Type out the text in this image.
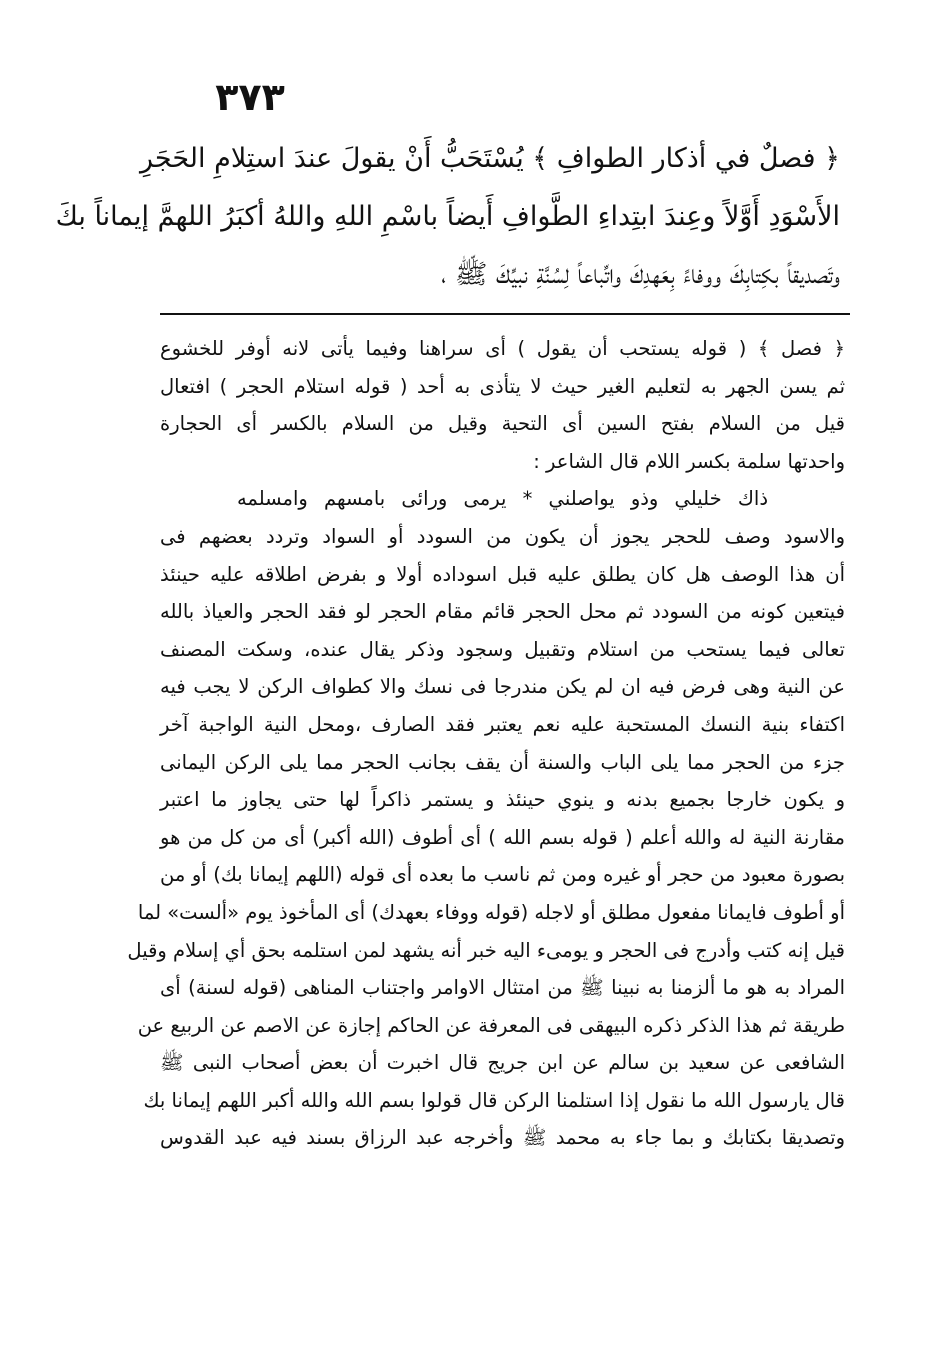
٣٧٣
﴿ فصلٌ في أذكار الطوافِ ﴾ يُسْتَحَبُّ أَنْ يقولَ عندَ استِلامِ الحَجَرِ
الأَسْوَدِ أَوَّلاً وعِندَ ابتِداءِ الطَّوافِ أَيضاً باسْمِ اللهِ واللهُ أكبَرُ اللهمَّ إيماناً بكَ
وتَصديقاً بكِتابِكَ ووفاءً بِعَهدِكَ واتِّباعاً لِسُنَّةِ نبيِّكَ ﷺ ،
﴿ فصل ﴾ ( قوله يستحب أن يقول ) أى سراهنا وفيما يأتى لانه أوفر للخشوع
ثم يسن الجهر به لتعليم الغير حيث لا يتأذى به أحد ( قوله استلام الحجر ) افتعال
قيل من السلام بفتح السين أى التحية وقيل من السلام بالكسر أى الحجارة
واحدتها سلمة بكسر اللام قال الشاعر :
ذاك خليلي وذو يواصلني * يرمى ورائى بامسهم وامسلمه
والاسود وصف للحجر يجوز أن يكون من السودد أو السواد وتردد بعضهم فى
أن هذا الوصف هل كان يطلق عليه قبل اسوداده أولا و بفرض اطلاقه عليه حينئذ
فيتعين كونه من السودد ثم محل الحجر قائم مقام الحجر لو فقد الحجر والعياذ بالله
تعالى فيما يستحب من استلام وتقبيل وسجود وذكر يقال عنده، وسكت المصنف
عن النية وهى فرض فيه ان لم يكن مندرجا فى نسك والا كطواف الركن لا يجب فيه
اكتفاء بنية النسك المستحبة عليه نعم يعتبر فقد الصارف ،ومحل النية الواجبة آخر
جزء من الحجر مما يلى الباب والسنة أن يقف بجانب الحجر مما يلى الركن اليمانى
و يكون خارجا بجميع بدنه و ينوي حينئذ و يستمر ذاكراً لها حتى يجاوز ما اعتبر
مقارنة النية له والله أعلم ( قوله بسم الله ) أى أطوف (الله أكبر) أى من كل من هو
بصورة معبود من حجر أو غيره ومن ثم ناسب ما بعده أى قوله (اللهم إيمانا بك) أو من
أو أطوف فايمانا مفعول مطلق أو لاجله (قوله ووفاء بعهدك) أى المأخوذ يوم «ألست» لما
قيل إنه كتب وأدرج فى الحجر و يومىء اليه خبر أنه يشهد لمن استلمه بحق أي إسلام وقيل
المراد به هو ما ألزمنا به نبينا ﷺ من امتثال الاوامر واجتناب المناهى (قوله لسنة) أى
طريقة ثم هذا الذكر ذكره البيهقى فى المعرفة عن الحاكم إجازة عن الاصم عن الربيع عن
الشافعى عن سعيد بن سالم عن ابن جريج قال اخبرت أن بعض أصحاب النبى ﷺ
قال يارسول الله ما نقول إذا استلمنا الركن قال قولوا بسم الله والله أكبر اللهم إيمانا بك
وتصديقا بكتابك و بما جاء به محمد ﷺ وأخرجه عبد الرزاق بسند فيه عبد القدوس
